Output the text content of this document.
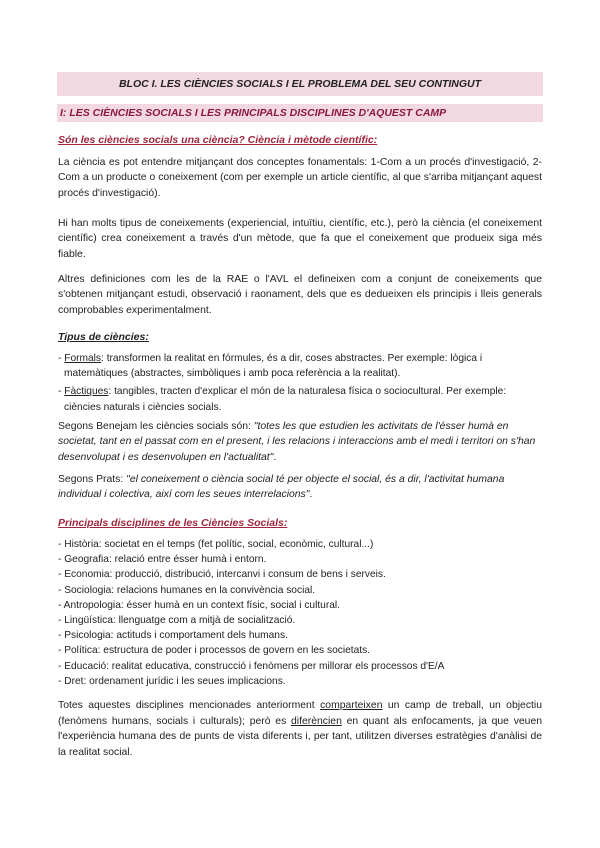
BLOC I. LES CIÈNCIES SOCIALS I EL PROBLEMA DEL SEU CONTINGUT
I: LES CIÈNCIES SOCIALS I LES PRINCIPALS DISCIPLINES D'AQUEST CAMP
Són les ciències socials una ciència? Ciència i mètode científic:

La ciència es pot entendre mitjançant dos conceptes fonamentals: 1-Com a un procés d'investigació, 2-Com a un producte o coneixement (com per exemple un article científic, al que s'arriba mitjançant aquest procés d'investigació).

Hi han molts tipus de coneixements (experiencial, intuïtiu, científic, etc.), però la ciència (el coneixement científic) crea coneixement a través d'un mètode, que fa que el coneixement que produeix siga més fiable.

Altres definiciones com les de la RAE o l'AVL el defineixen com a conjunt de coneixements que s'obtenen mitjançant estudi, observació i raonament, dels que es dedueixen els principis i lleis generals comprobables experimentalment.

Tipus de ciències:
- Formals: transformen la realitat en fórmules, és a dir, coses abstractes. Per exemple: lògica i matemàtiques (abstractes, simbòliques i amb poca referència a la realitat).
- Fàctiques: tangibles, tracten d'explicar el món de la naturalesa física o sociocultural. Per exemple: ciències naturals i ciències socials.

Segons Benejam les ciències socials són: "totes les que estudien les activitats de l'ésser humà en societat, tant en el passat com en el present, i les relacions i interaccions amb el medi i territori on s'han desenvolupat i es desenvolupen en l'actualitat".

Segons Prats: "el coneixement o ciència social té per objecte el social, és a dir, l'activitat humana individual i colectiva, així com les seues interrelacions".

Principals disciplines de les Ciències Socials:
- Història: societat en el temps (fet polític, social, econòmic, cultural...)
- Geografia: relació entre ésser humà i entorn.
- Economia: producció, distribució, intercanvi i consum de bens i serveis.
- Sociologia: relacions humanes en la convivència social.
- Antropologia: ésser humà en un context físic, social i cultural.
- Lingüística: llenguatge com a mitjà de socialització.
- Psicologia: actituds i comportament dels humans.
- Política: estructura de poder i processos de govern en les societats.
- Educació: realitat educativa, construcció i fenòmens per millorar els processos d'E/A
- Dret: ordenament jurídic i les seues implicacions.

Totes aquestes disciplines mencionades anteriorment comparteixen un camp de treball, un objectiu (fenòmens humans, socials i culturals); però es diferèncien en quant als enfocaments, ja que veuen l'experiència humana des de punts de vista diferents i, per tant, utilitzen diverses estratègies d'anàlisi de la realitat social.
